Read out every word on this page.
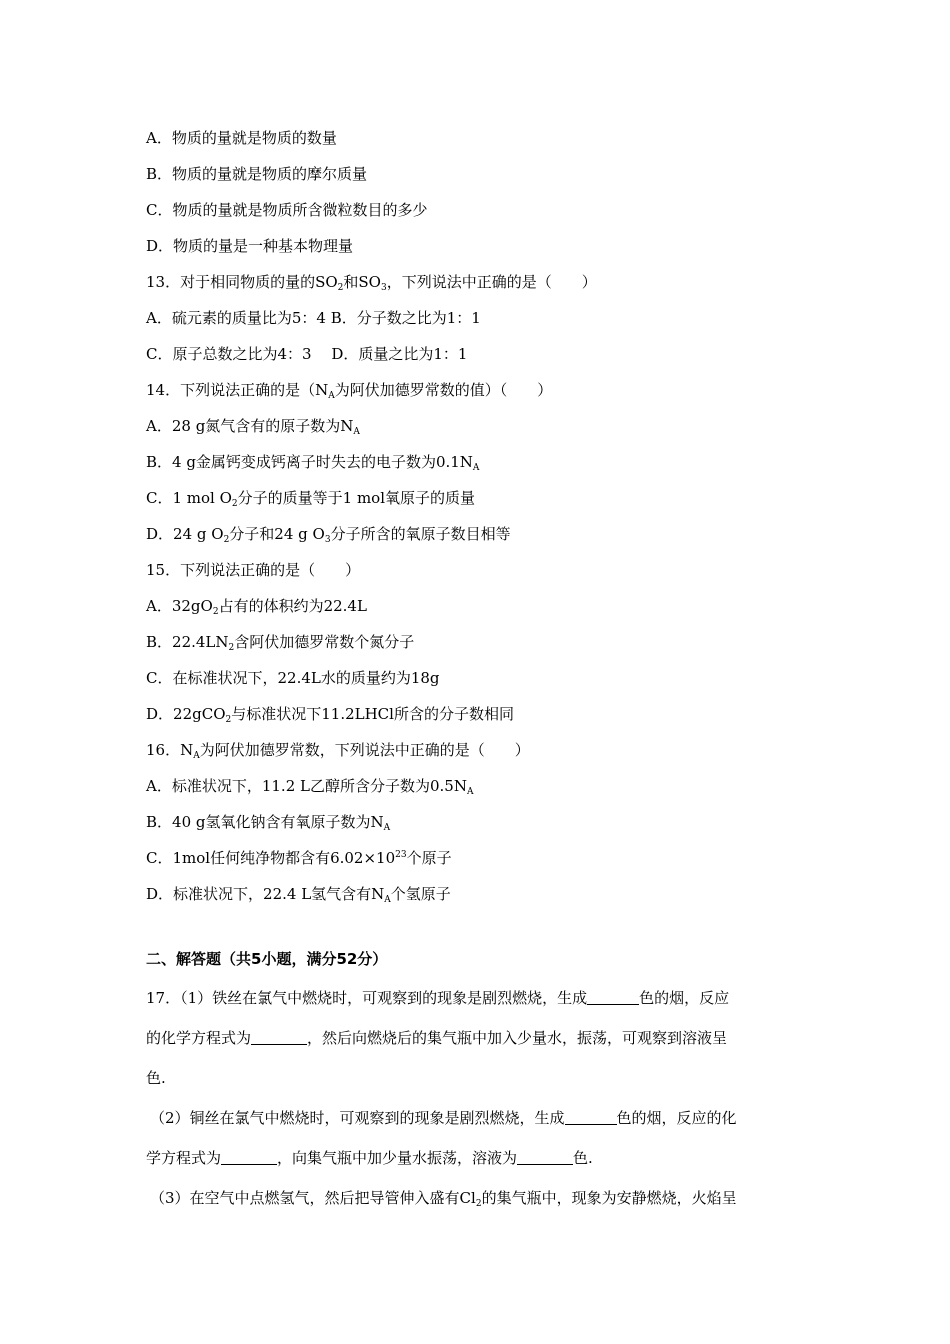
A．物质的量就是物质的数量
B．物质的量就是物质的摩尔质量
C．物质的量就是物质所含微粒数目的多少
D．物质的量是一种基本物理量
13．对于相同物质的量的$SO_2$和$SO_3$，下列说法中正确的是（　　）
A．硫元素的质量比为5：4 B．分子数之比为1：1
C．原子总数之比为4：3　 D．质量之比为1：1
14．下列说法正确的是（$N_A$为阿伏加德罗常数的值）（　　）
A．28 g氮气含有的原子数为$N_A$
B．4 g金属钙变成钙离子时失去的电子数为$0.1N_A$
C．1 mol $O_2$分子的质量等于1 mol氧原子的质量
D．24 g $O_2$分子和24 g $O_3$分子所含的氧原子数目相等
15．下列说法正确的是（　　）
A．$32gO_2$占有的体积约为22.4L
B．$22.4LN_2$含阿伏加德罗常数个氮分子
C．在标准状况下，22.4L水的质量约为18g
D．22gCO$_2$与标准状况下11.2LHCl所含的分子数相同
16．$N_A$为阿伏加德罗常数，下列说法中正确的是（　　）
A．标准状况下，11.2 L乙醇所含分子数为$0.5N_A$
B．40 g氢氧化钠含有氧原子数为$N_A$
C．1mol任何纯净物都含有$6.02\times 10^{23}$个原子
D．标准状况下，22.4 L氢气含有$N_A$个氢原子
二、解答题（共5小题，满分52分）
17．（1）铁丝在氯气中燃烧时，可观察到的现象是剧烈燃烧，生成	色的烟，反应
的化学方程式为	，然后向燃烧后的集气瓶中加入少量水，振荡，可观察到溶液呈
色.
（2）铜丝在氯气中燃烧时，可观察到的现象是剧烈燃烧，生成	色的烟，反应的化
学方程式为	，向集气瓶中加少量水振荡，溶液为	色.
（3）在空气中点燃氢气，然后把导管伸入盛有$Cl_2$的集气瓶中，现象为安静燃烧，火焰呈
